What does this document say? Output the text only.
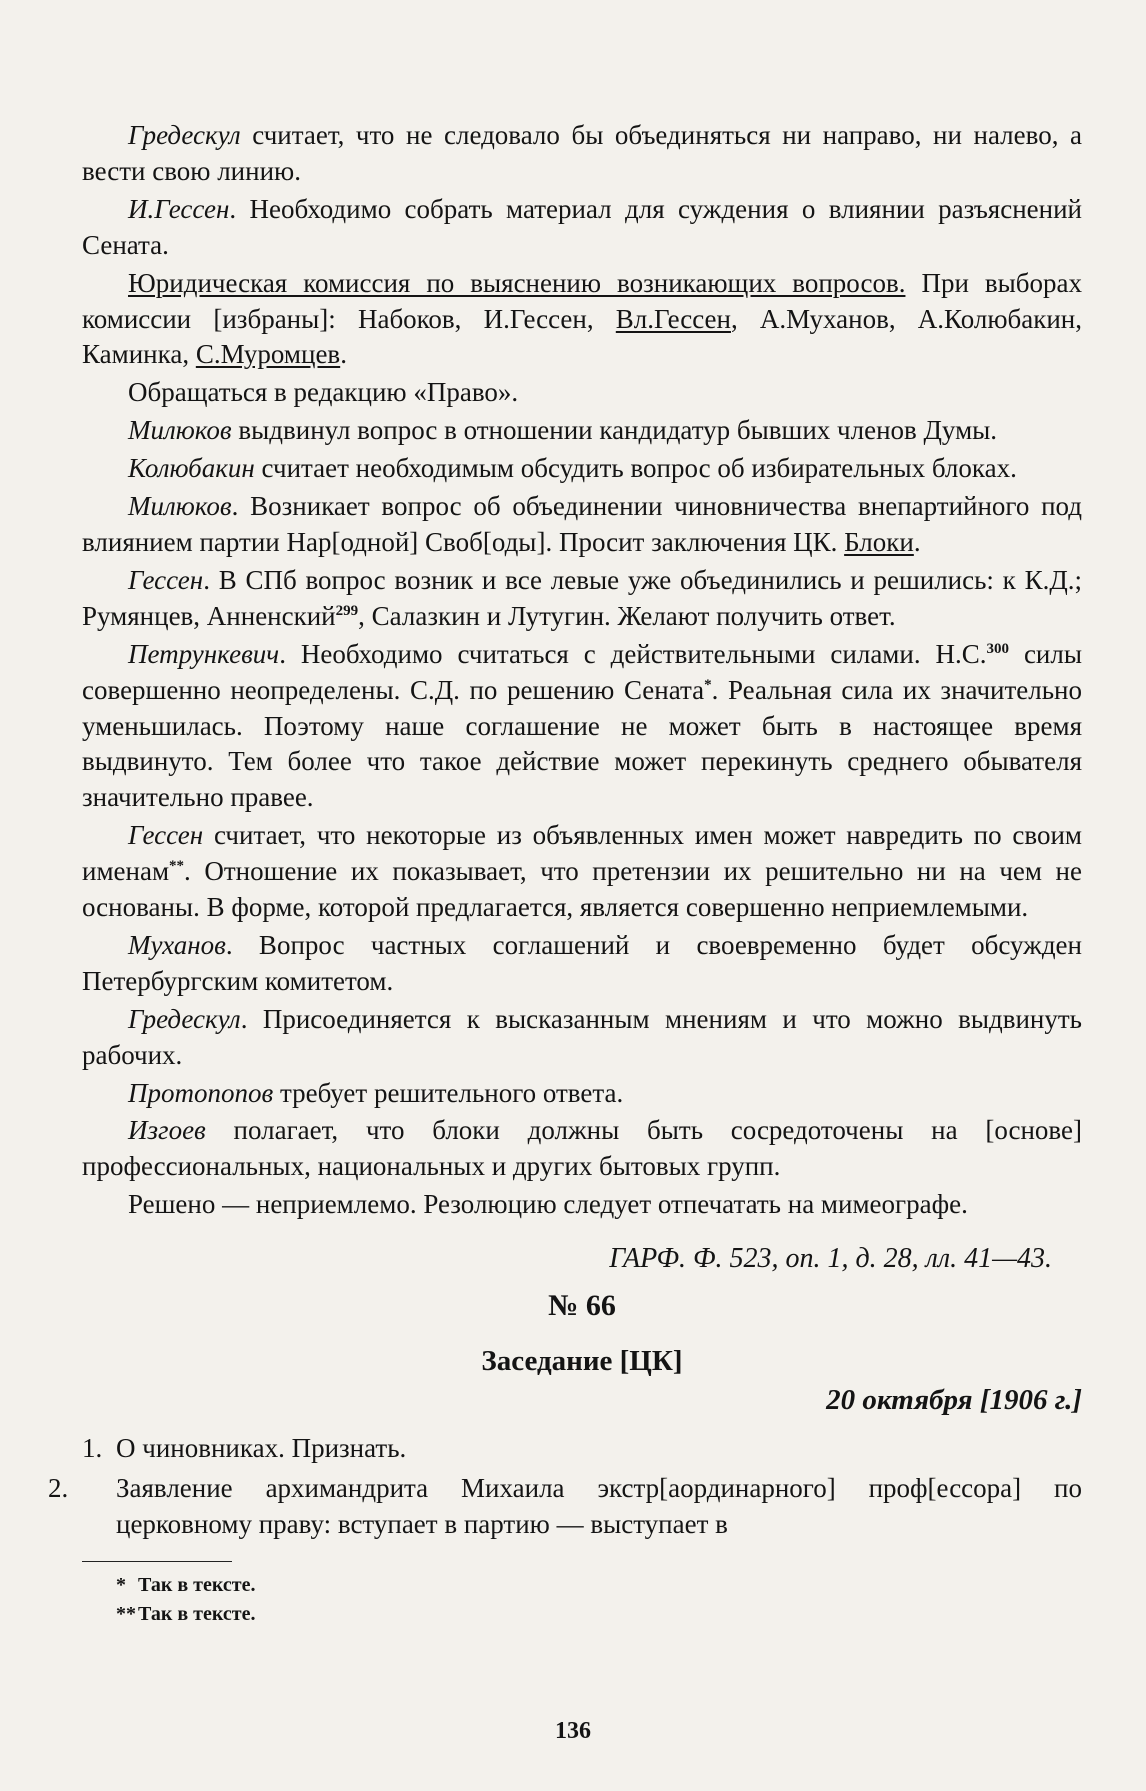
Гредескул считает, что не следовало бы объединяться ни направо, ни налево, а вести свою линию.

И.Гессен. Необходимо собрать материал для суждения о влиянии разъяснений Сената.

Юридическая комиссия по выяснению возникающих вопросов. При выборах комиссии [избраны]: Набоков, И.Гессен, Вл.Гессен, А.Муханов, А.Колюбакин, Каминка, С.Муромцев.

Обращаться в редакцию «Право».

Милюков выдвинул вопрос в отношении кандидатур бывших членов Думы.

Колюбакин считает необходимым обсудить вопрос об избирательных блоках.

Милюков. Возникает вопрос об объединении чиновничества внепартийного под влиянием партии Нар[одной] Своб[оды]. Просит заключения ЦК. Блоки.

Гессен. В СПб вопрос возник и все левые уже объединились и решились: к К.Д.; Румянцев, Анненский$^{299}$, Салазкин и Лутугин. Желают получить ответ.

Петрункевич. Необходимо считаться с действительными силами. Н.С.$^{300}$ силы совершенно неопределены. С.Д. по решению Сената*. Реальная сила их значительно уменьшилась. Поэтому наше соглашение не может быть в настоящее время выдвинуто. Тем более что такое действие может перекинуть среднего обывателя значительно правее.

Гессен считает, что некоторые из объявленных имен может навредить по своим именам**. Отношение их показывает, что претензии их решительно ни на чем не основаны. В форме, которой предлагается, является совершенно неприемлемыми.

Муханов. Вопрос частных соглашений и своевременно будет обсужден Петербургским комитетом.

Гредескул. Присоединяется к высказанным мнениям и что можно выдвинуть рабочих.

Протопопов требует решительного ответа.

Изгоев полагает, что блоки должны быть сосредоточены на [основе] профессиональных, национальных и других бытовых групп.

Решено — неприемлемо. Резолюцию следует отпечатать на мимеографе.

ГАРФ. Ф. 523, оп. 1, д. 28, лл. 41—43.
№ 66
Заседание [ЦК]
20 октября [1906 г.]

1. О чиновниках. Признать.

2. Заявление архимандрита Михаила экстр[аординарного] проф[ессора] по церковному праву: вступает в партию — выступает в

* Так в тексте.
** Так в тексте.
136
